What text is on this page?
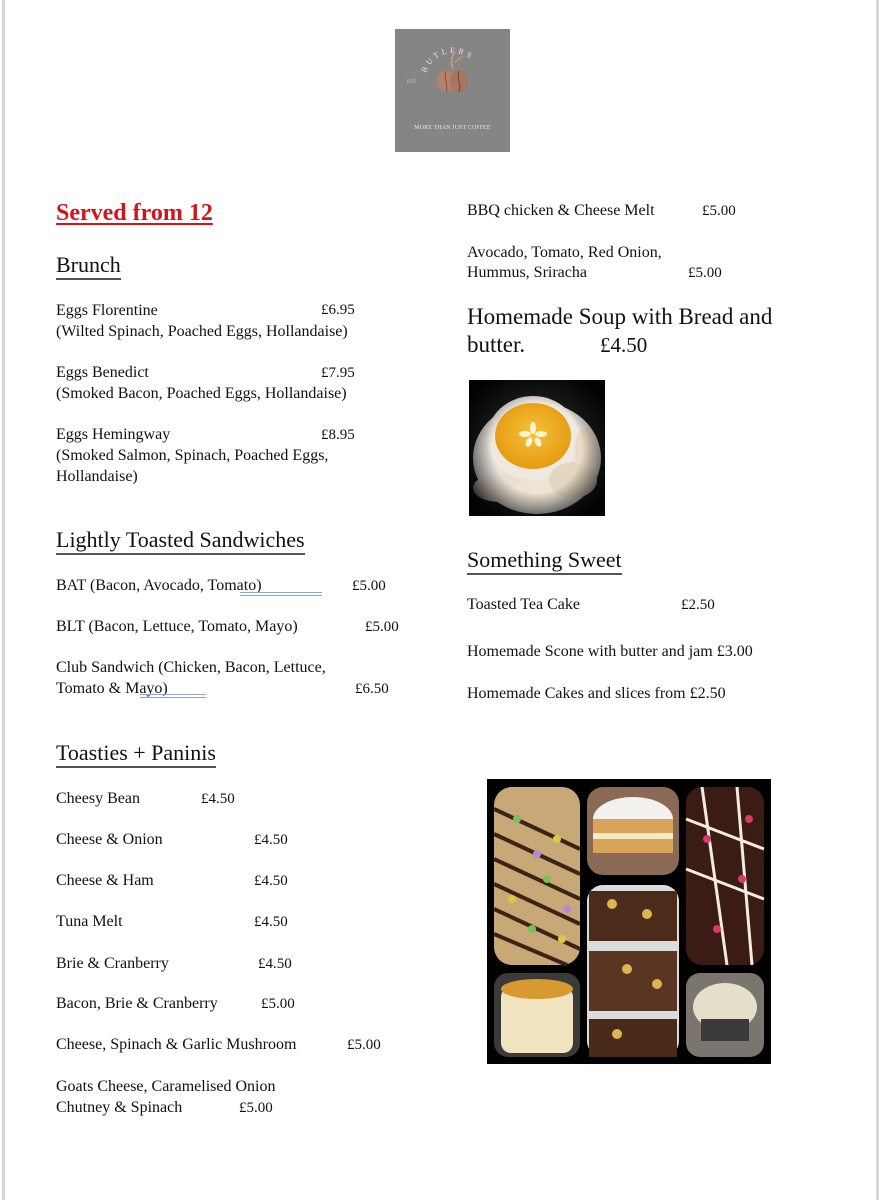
BUTLERS
EST.
MORE THAN JUST COFFEE
Served from 12
Brunch
Eggs Florentine	£6.95
(Wilted Spinach, Poached Eggs, Hollandaise)
Eggs Benedict	£7.95
(Smoked Bacon, Poached Eggs, Hollandaise)
Eggs Hemingway	£8.95
(Smoked Salmon, Spinach, Poached Eggs,
Hollandaise)
Lightly Toasted Sandwiches
BAT (Bacon, Avocado, Tomato)	£5.00
BLT (Bacon, Lettuce, Tomato, Mayo)	£5.00
Club Sandwich (Chicken, Bacon, Lettuce,
Tomato & Mayo)	£6.50
Toasties + Paninis
Cheesy Bean	£4.50
Cheese & Onion	£4.50
Cheese & Ham	£4.50
Tuna Melt	£4.50
Brie & Cranberry	£4.50
Bacon, Brie & Cranberry	£5.00
Cheese, Spinach & Garlic Mushroom	£5.00
Goats Cheese, Caramelised Onion
Chutney & Spinach	£5.00
BBQ chicken & Cheese Melt	£5.00
Avocado, Tomato, Red Onion,
Hummus, Sriracha	£5.00
Homemade Soup with Bread and
butter.	£4.50
Something Sweet
Toasted Tea Cake	£2.50
Homemade Scone with butter and jam £3.00
Homemade Cakes and slices from £2.50
